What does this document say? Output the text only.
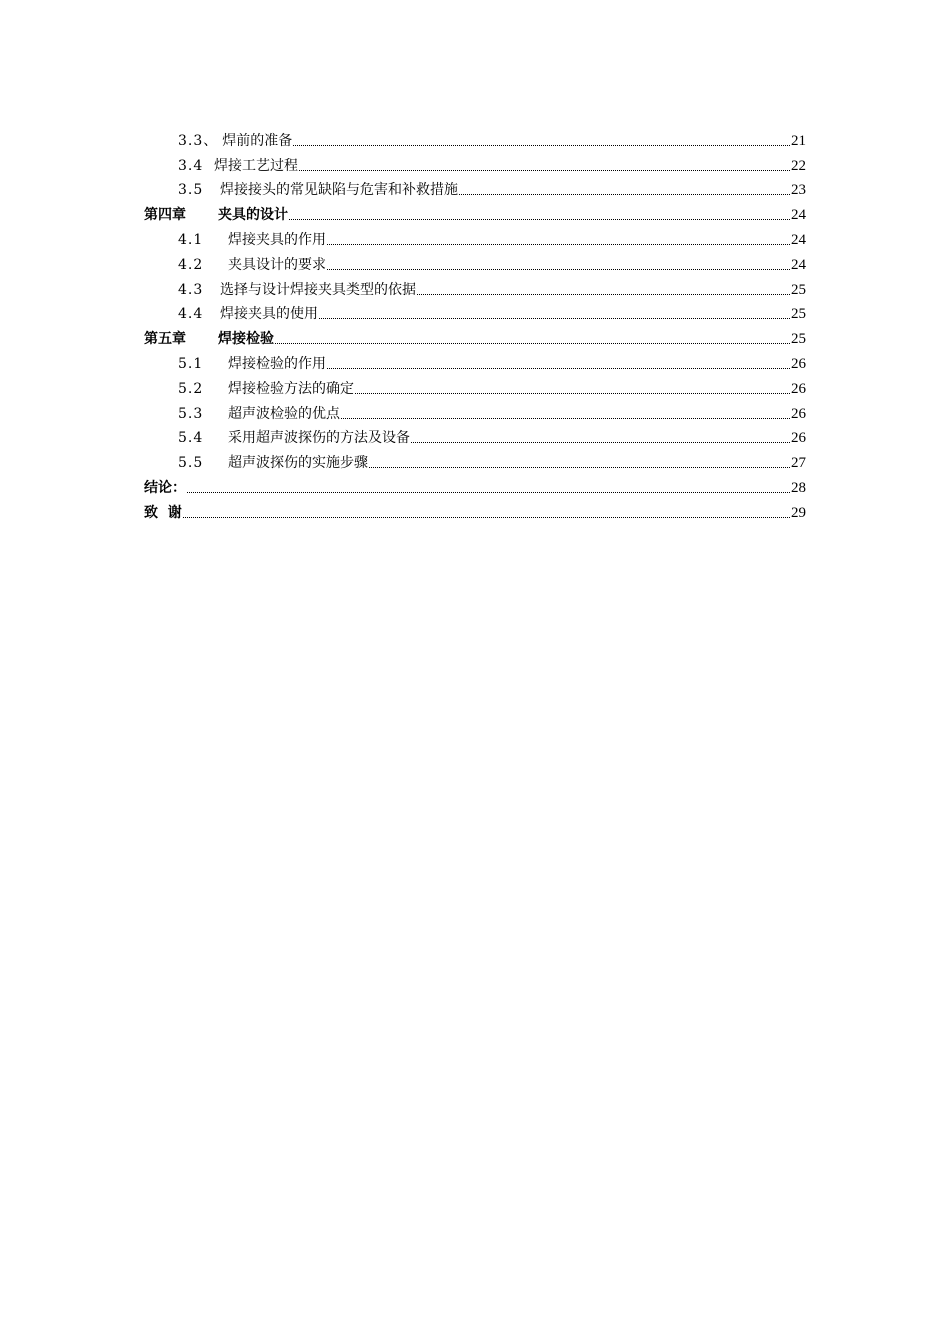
3.3、 焊前的准备	21
3.4 焊接工艺过程	22
3.5	焊接接头的常见缺陷与危害和补救措施	23
第四章	夹具的设计	24
4.1	焊接夹具的作用	24
4.2	夹具设计的要求	24
4.3	选择与设计焊接夹具类型的依据	25
4.4	焊接夹具的使用	25
第五章	焊接检验	25
5.1	焊接检验的作用	26
5.2	焊接检验方法的确定	26
5.3	超声波检验的优点	26
5.4	采用超声波探伤的方法及设备	26
5.5	超声波探伤的实施步骤	27
结论：	28
致  谢	29
